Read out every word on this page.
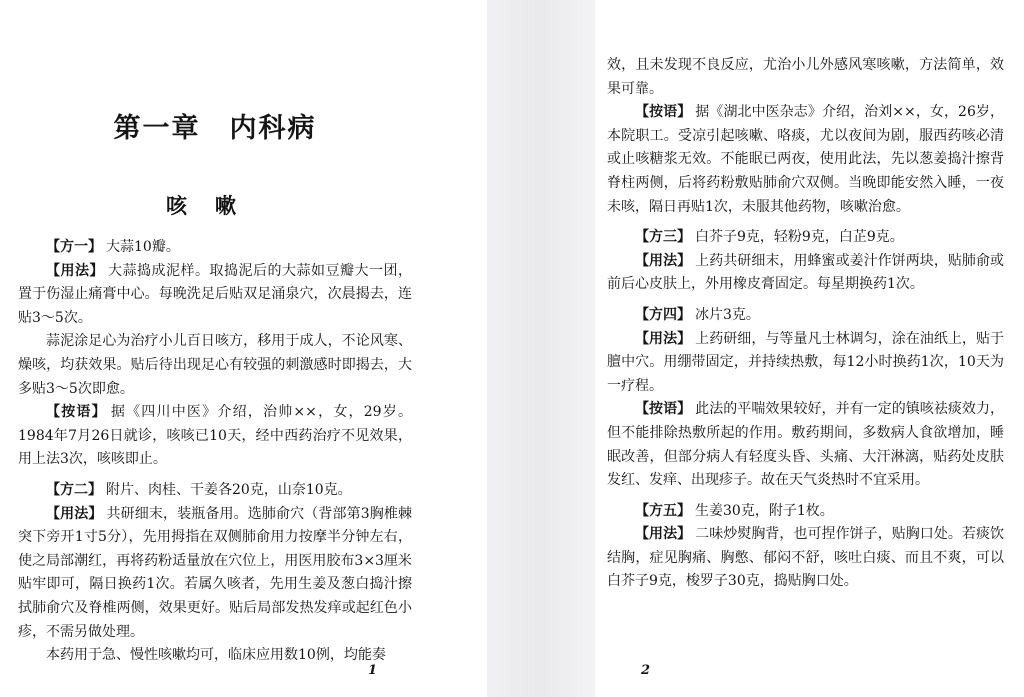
第一章　内科病
咳嗽

【方一】 大蒜10瓣。

【用法】 大蒜捣成泥样。取捣泥后的大蒜如豆瓣大一团，置于伤湿止痛膏中心。每晚洗足后贴双足涌泉穴，次晨揭去，连贴3～5次。

蒜泥涂足心为治疗小儿百日咳方，移用于成人，不论风寒、燥咳，均获效果。贴后待出现足心有较强的刺激感时即揭去，大多贴3～5次即愈。

【按语】 据《四川中医》介绍，治帅××，女，29岁。1984年7月26日就诊，咳咳已10天，经中西药治疗不见效果，用上法3次，咳咳即止。

【方二】 附片、肉桂、干姜各20克，山奈10克。

【用法】 共研细末，装瓶备用。选肺俞穴（背部第3胸椎棘突下旁开1寸5分），先用拇指在双侧肺俞用力按摩半分钟左右，使之局部潮红，再将药粉适量放在穴位上，用医用胶布3×3厘米贴牢即可，隔日换药1次。若属久咳者，先用生姜及葱白捣汁擦拭肺俞穴及脊椎两侧，效果更好。贴后局部发热发痒或起红色小疹，不需另做处理。

本药用于急、慢性咳嗽均可，临床应用数10例，均能奏

1

效，且未发现不良反应，尤治小儿外感风寒咳嗽，方法简单，效果可靠。

【按语】 据《湖北中医杂志》介绍，治刘××，女，26岁，本院职工。受凉引起咳嗽、咯痰，尤以夜间为剧，服西药咳必清或止咳糖浆无效。不能眠已两夜，使用此法，先以葱姜捣汁擦背脊柱两侧，后将药粉敷贴肺俞穴双侧。当晚即能安然入睡，一夜未咳，隔日再贴1次，未服其他药物，咳嗽治愈。

【方三】 白芥子9克，轻粉9克，白芷9克。

【用法】 上药共研细末，用蜂蜜或姜汁作饼两块，贴肺俞或前后心皮肤上，外用橡皮膏固定。每星期换药1次。

【方四】 冰片3克。

【用法】 上药研细，与等量凡士林调匀，涂在油纸上，贴于膻中穴。用绷带固定，并持续热敷，每12小时换药1次，10天为一疗程。

【按语】 此法的平喘效果较好，并有一定的镇咳祛痰效力，但不能排除热敷所起的作用。敷药期间，多数病人食欲增加，睡眠改善，但部分病人有轻度头昏、头痛、大汗淋漓，贴药处皮肤发红、发痒、出现疹子。故在天气炎热时不宜采用。

【方五】 生姜30克，附子1枚。

【用法】 二味炒熨胸背，也可捏作饼子，贴胸口处。若痰饮结胸，症见胸痛、胸憋、郁闷不舒，咳吐白痰、而且不爽，可以白芥子9克，梭罗子30克，捣贴胸口处。

2
